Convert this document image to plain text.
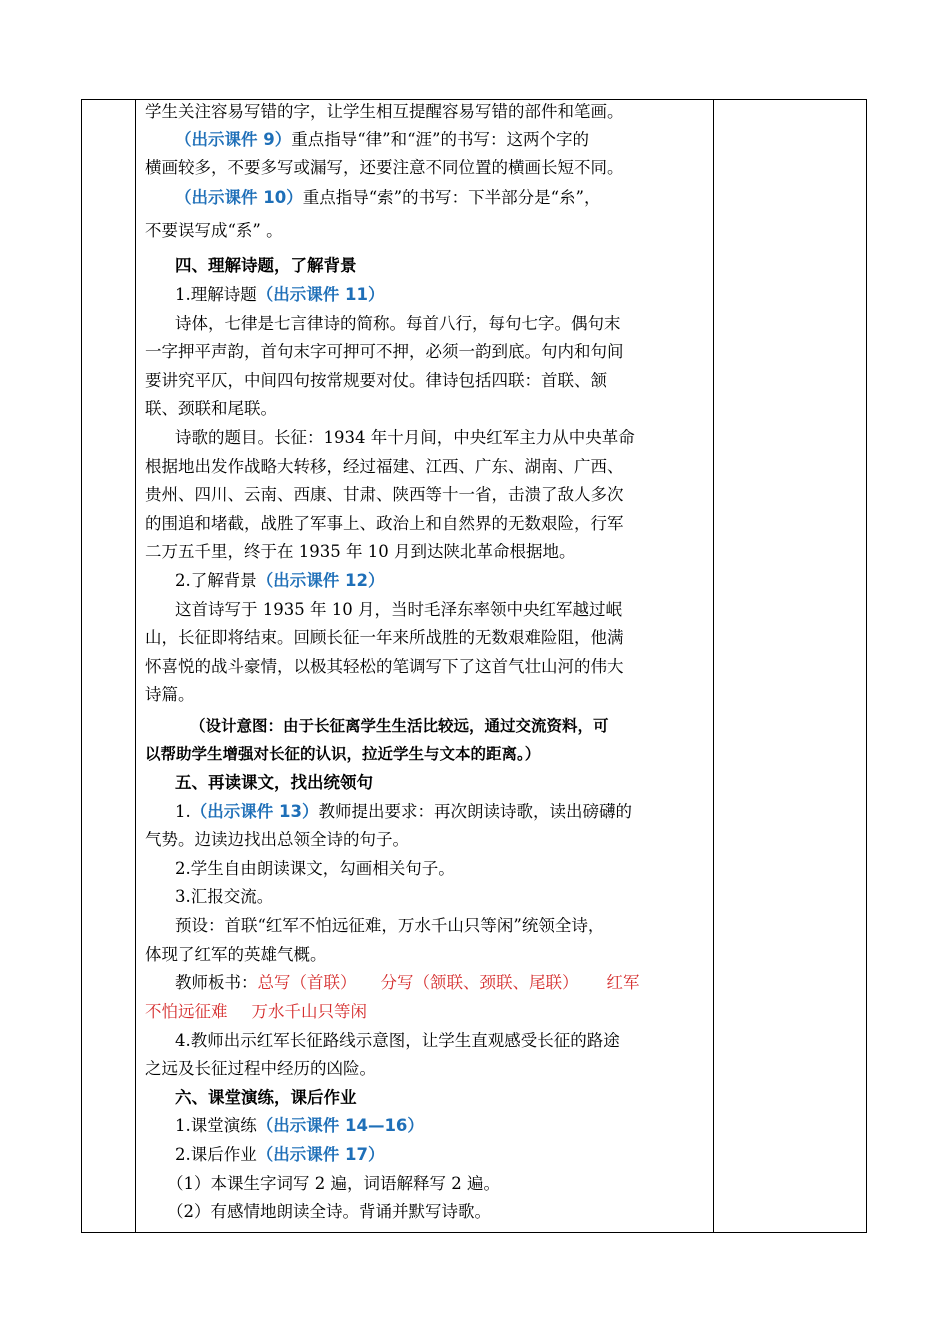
学生关注容易写错的字，让学生相互提醒容易写错的部件和笔画。
（出示课件 9）重点指导“律”和“涯”的书写：这两个字的
横画较多，不要多写或漏写，还要注意不同位置的横画长短不同。
（出示课件 10）重点指导“索”的书写：下半部分是“糸”，
不要误写成“系” 。
四、理解诗题，了解背景
1.理解诗题（出示课件 11）
诗体，七律是七言律诗的简称。每首八行，每句七字。偶句末
一字押平声韵，首句末字可押可不押，必须一韵到底。句内和句间
要讲究平仄，中间四句按常规要对仗。律诗包括四联：首联、颔
联、颈联和尾联。
诗歌的题目。长征：1934 年十月间，中央红军主力从中央革命
根据地出发作战略大转移，经过福建、江西、广东、湖南、广西、
贵州、四川、云南、西康、甘肃、陕西等十一省，击溃了敌人多次
的围追和堵截，战胜了军事上、政治上和自然界的无数艰险，行军
二万五千里，终于在 1935 年 10 月到达陕北革命根据地。
2.了解背景（出示课件 12）
这首诗写于 1935 年 10 月，当时毛泽东率领中央红军越过岷
山，长征即将结束。回顾长征一年来所战胜的无数艰难险阻，他满
怀喜悦的战斗豪情，以极其轻松的笔调写下了这首气壮山河的伟大
诗篇。
（设计意图：由于长征离学生生活比较远，通过交流资料，可
以帮助学生增强对长征的认识，拉近学生与文本的距离。）
五、再读课文，找出统领句
1.（出示课件 13）教师提出要求：再次朗读诗歌，读出磅礴的
气势。边读边找出总领全诗的句子。
2.学生自由朗读课文，勾画相关句子。
3.汇报交流。
预设：首联“红军不怕远征难，万水千山只等闲”统领全诗，
体现了红军的英雄气概。
教师板书：总写（首联） 分写（颔联、颈联、尾联） 红军
不怕远征难 万水千山只等闲
4.教师出示红军长征路线示意图，让学生直观感受长征的路途
之远及长征过程中经历的凶险。
六、课堂演练，课后作业
1.课堂演练（出示课件 14—16）
2.课后作业（出示课件 17）
（1）本课生字词写 2 遍，词语解释写 2 遍。
（2）有感情地朗读全诗。背诵并默写诗歌。
